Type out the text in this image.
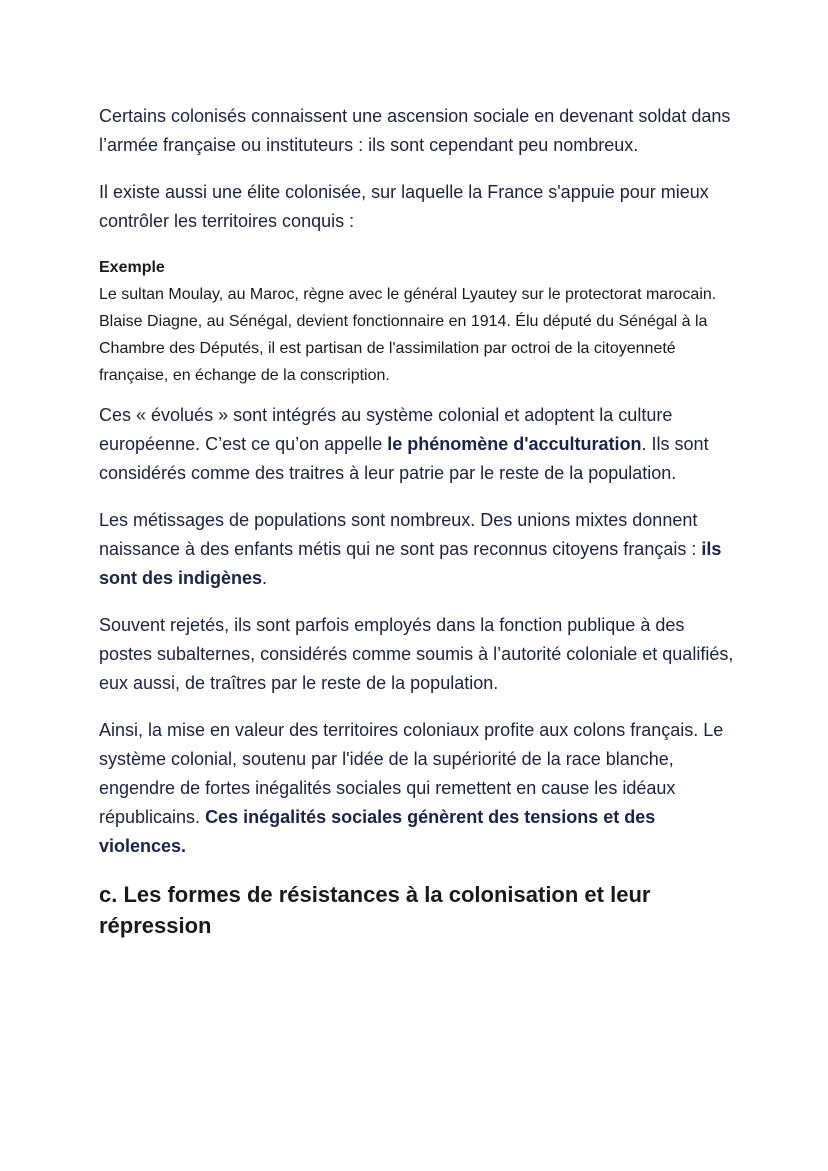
Certains colonisés connaissent une ascension sociale en devenant soldat dans l’armée française ou instituteurs : ils sont cependant peu nombreux.

Il existe aussi une élite colonisée, sur laquelle la France s'appuie pour mieux contrôler les territoires conquis :

Exemple
Le sultan Moulay, au Maroc, règne avec le général Lyautey sur le protectorat marocain.
Blaise Diagne, au Sénégal, devient fonctionnaire en 1914. Élu député du Sénégal à la Chambre des Députés, il est partisan de l'assimilation par octroi de la citoyenneté française, en échange de la conscription.

Ces « évolués » sont intégrés au système colonial et adoptent la culture européenne. C’est ce qu’on appelle le phénomène d'acculturation. Ils sont considérés comme des traitres à leur patrie par le reste de la population.

Les métissages de populations sont nombreux. Des unions mixtes donnent naissance à des enfants métis qui ne sont pas reconnus citoyens français : ils sont des indigènes.

Souvent rejetés, ils sont parfois employés dans la fonction publique à des postes subalternes, considérés comme soumis à l’autorité coloniale et qualifiés, eux aussi, de traîtres par le reste de la population.

Ainsi, la mise en valeur des territoires coloniaux profite aux colons français. Le système colonial, soutenu par l'idée de la supériorité de la race blanche, engendre de fortes inégalités sociales qui remettent en cause les idéaux républicains. Ces inégalités sociales génèrent des tensions et des violences.

c. Les formes de résistances à la colonisation et leur répression
